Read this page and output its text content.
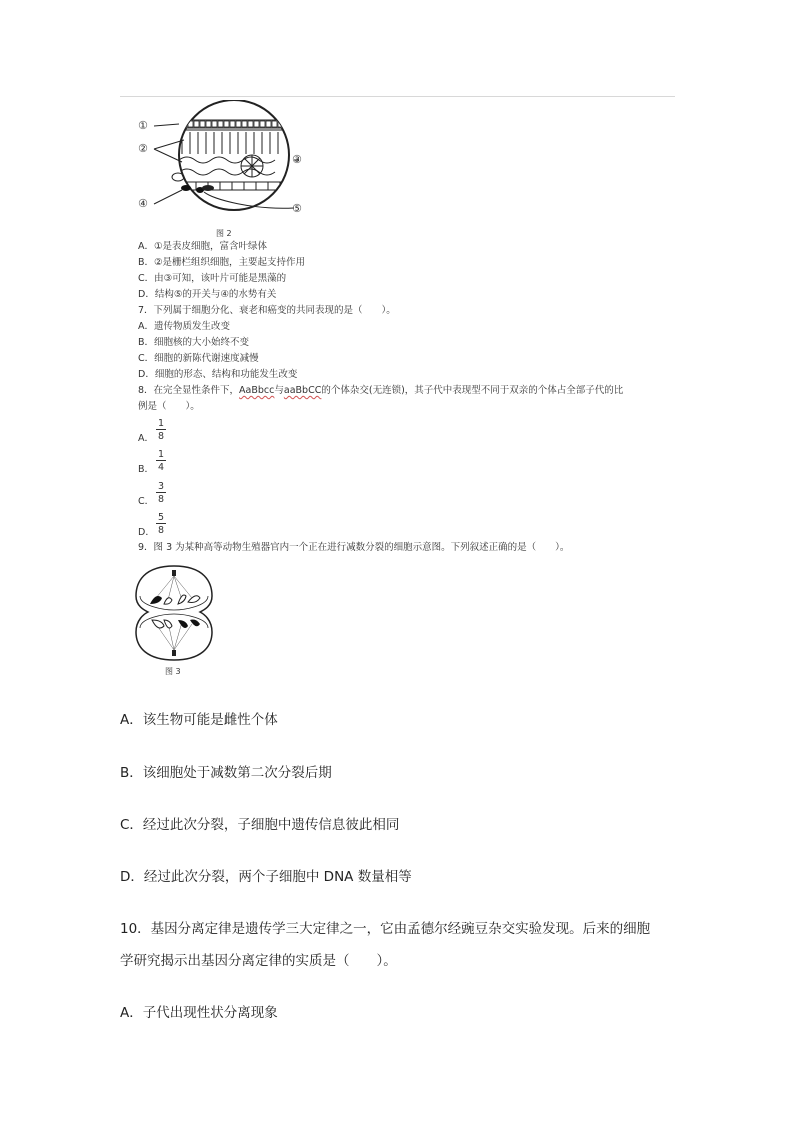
①
②
③
④	⑤
图 2
A．①是表皮细胞，富含叶绿体
B．②是栅栏组织细胞，主要起支持作用
C．由③可知，该叶片可能是黑藻的
D．结构⑤的开关与④的水势有关
7．下列属于细胞分化、衰老和癌变的共同表现的是（　　）。
A．遗传物质发生改变
B．细胞核的大小始终不变
C．细胞的新陈代谢速度减慢
D．细胞的形态、结构和功能发生改变
8．在完全显性条件下，AaBbcc与aaBbCC的个体杂交(无连锁)，其子代中表现型不同于双亲的个体占全部子代的比
例是（　　）。
A．
1
8
B．
1
4
C．
3
8
D．
5
8
9．图 3 为某种高等动物生殖器官内一个正在进行减数分裂的细胞示意图。下列叙述正确的是（　　）。
图 3
A．该生物可能是雌性个体
B．该细胞处于减数第二次分裂后期
C．经过此次分裂，子细胞中遗传信息彼此相同
D．经过此次分裂，两个子细胞中 DNA 数量相等
10．基因分离定律是遗传学三大定律之一，它由孟德尔经豌豆杂交实验发现。后来的细胞
学研究揭示出基因分离定律的实质是（　　）。
A．子代出现性状分离现象
